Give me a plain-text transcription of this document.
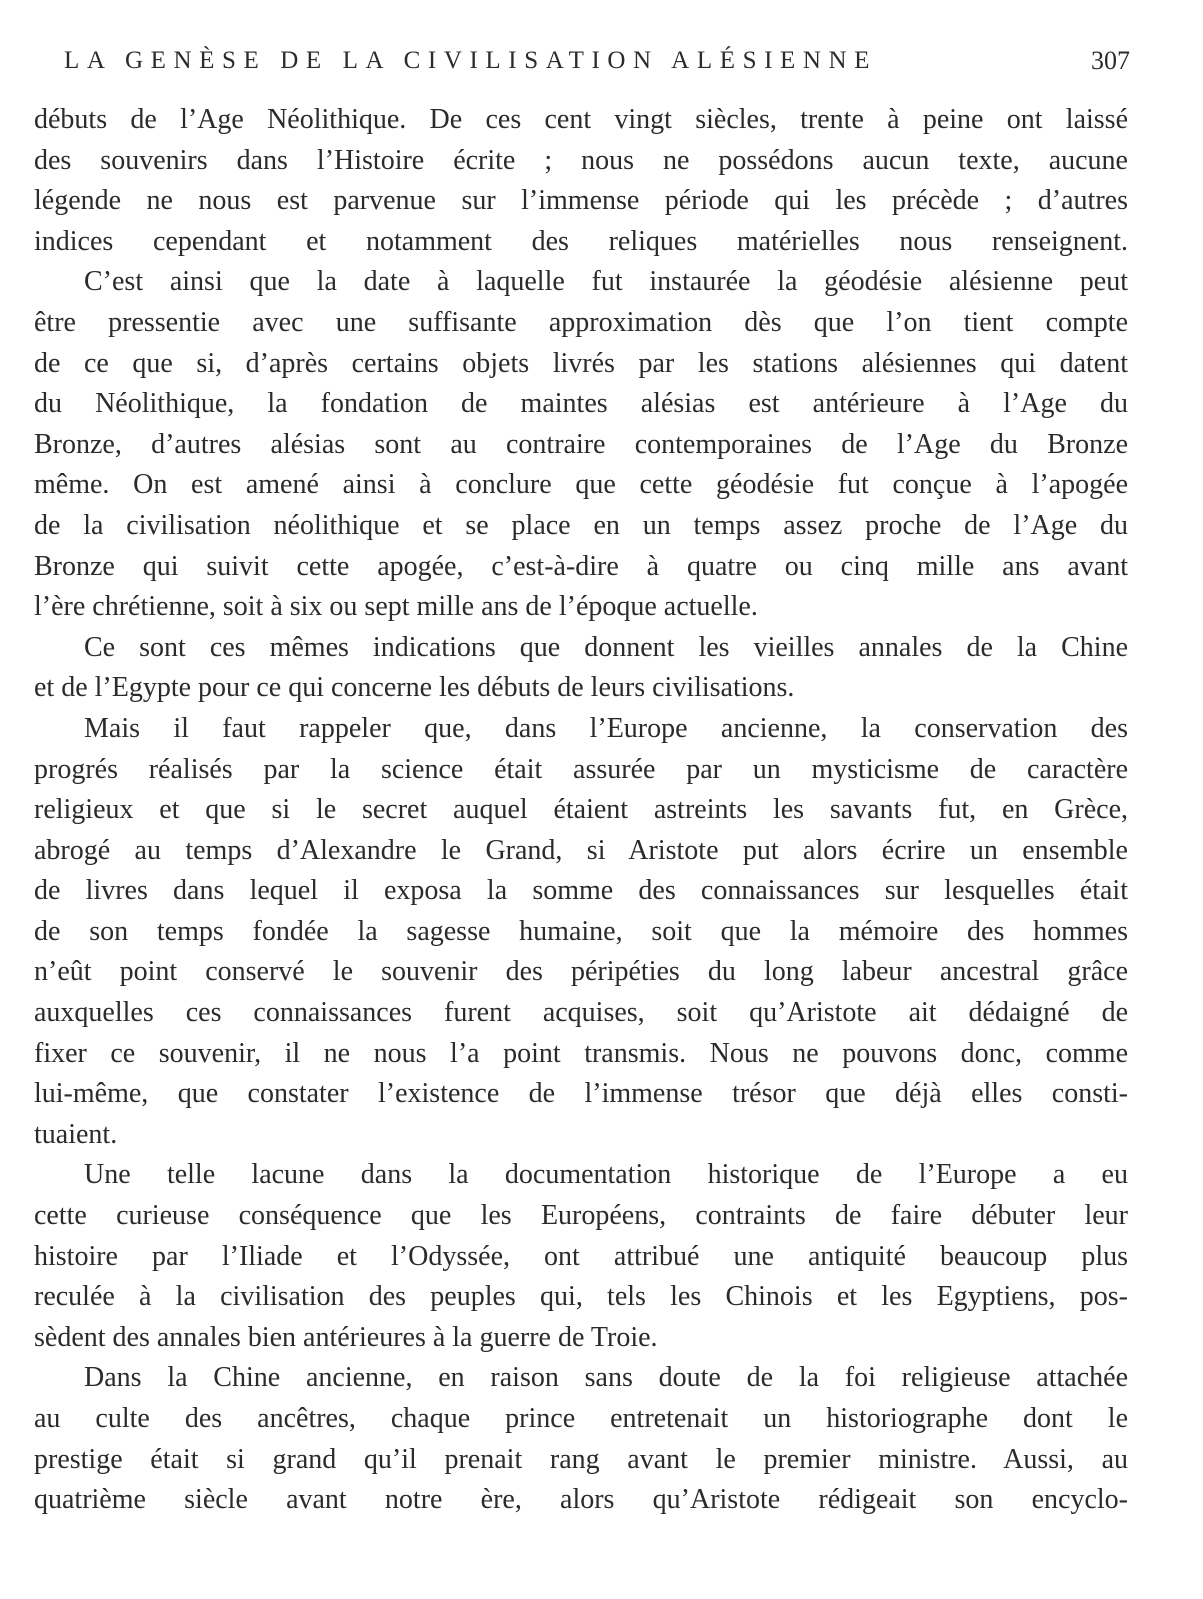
LA GENÈSE DE LA CIVILISATION ALÉSIENNE	307
débuts de l’Age Néolithique. De ces cent vingt siècles, trente à peine ont laissé
des souvenirs dans l’Histoire écrite ; nous ne possédons aucun texte, aucune
légende ne nous est parvenue sur l’immense période qui les précède ; d’autres
indices cependant et notamment des reliques matérielles nous renseignent.
C’est ainsi que la date à laquelle fut instaurée la géodésie alésienne peut
être pressentie avec une suffisante approximation dès que l’on tient compte
de ce que si, d’après certains objets livrés par les stations alésiennes qui datent
du Néolithique, la fondation de maintes alésias est antérieure à l’Age du
Bronze, d’autres alésias sont au contraire contemporaines de l’Age du Bronze
même. On est amené ainsi à conclure que cette géodésie fut conçue à l’apogée
de la civilisation néolithique et se place en un temps assez proche de l’Age du
Bronze qui suivit cette apogée, c’est-à-dire à quatre ou cinq mille ans avant
l’ère chrétienne, soit à six ou sept mille ans de l’époque actuelle.
Ce sont ces mêmes indications que donnent les vieilles annales de la Chine
et de l’Egypte pour ce qui concerne les débuts de leurs civilisations.
Mais il faut rappeler que, dans l’Europe ancienne, la conservation des
progrés réalisés par la science était assurée par un mysticisme de caractère
religieux et que si le secret auquel étaient astreints les savants fut, en Grèce,
abrogé au temps d’Alexandre le Grand, si Aristote put alors écrire un ensemble
de livres dans lequel il exposa la somme des connaissances sur lesquelles était
de son temps fondée la sagesse humaine, soit que la mémoire des hommes
n’eût point conservé le souvenir des péripéties du long labeur ancestral grâce
auxquelles ces connaissances furent acquises, soit qu’Aristote ait dédaigné de
fixer ce souvenir, il ne nous l’a point transmis. Nous ne pouvons donc, comme
lui-même, que constater l’existence de l’immense trésor que déjà elles consti-
tuaient.
Une telle lacune dans la documentation historique de l’Europe a eu
cette curieuse conséquence que les Européens, contraints de faire débuter leur
histoire par l’Iliade et l’Odyssée, ont attribué une antiquité beaucoup plus
reculée à la civilisation des peuples qui, tels les Chinois et les Egyptiens, pos-
sèdent des annales bien antérieures à la guerre de Troie.
Dans la Chine ancienne, en raison sans doute de la foi religieuse attachée
au culte des ancêtres, chaque prince entretenait un historiographe dont le
prestige était si grand qu’il prenait rang avant le premier ministre. Aussi, au
quatrième siècle avant notre ère, alors qu’Aristote rédigeait son encyclo-
